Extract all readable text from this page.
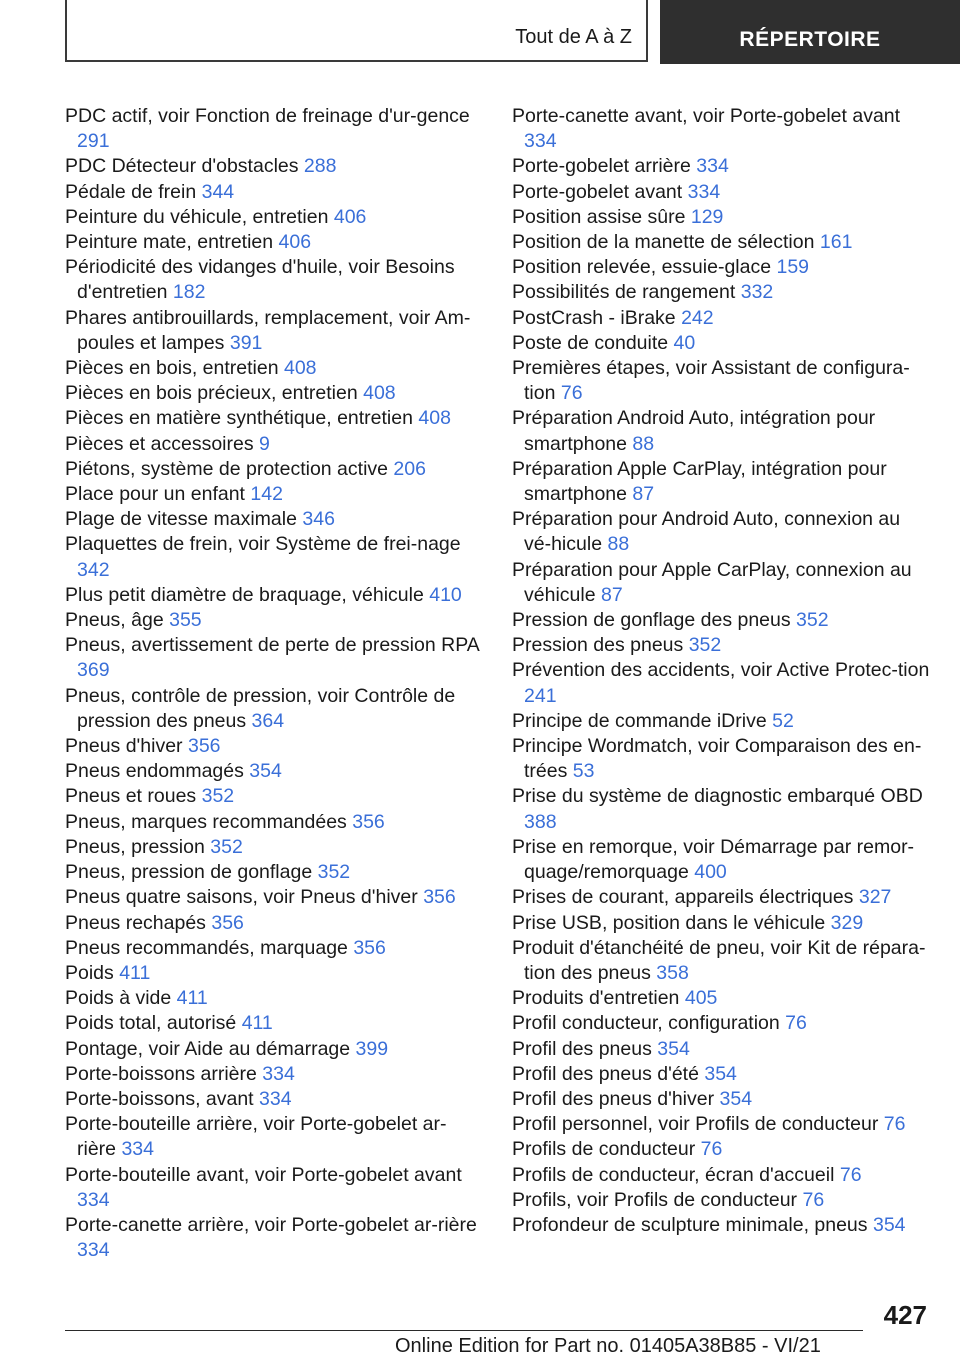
Tout de A à Z	RÉPERTOIRE
PDC actif, voir Fonction de freinage d'ur-gence 291
PDC Détecteur d'obstacles 288
Pédale de frein 344
Peinture du véhicule, entretien 406
Peinture mate, entretien 406
Périodicité des vidanges d'huile, voir Besoins d'entretien 182
Phares antibrouillards, remplacement, voir Am-poules et lampes 391
Pièces en bois, entretien 408
Pièces en bois précieux, entretien 408
Pièces en matière synthétique, entretien 408
Pièces et accessoires 9
Piétons, système de protection active 206
Place pour un enfant 142
Plage de vitesse maximale 346
Plaquettes de frein, voir Système de frei-nage 342
Plus petit diamètre de braquage, véhicule 410
Pneus, âge 355
Pneus, avertissement de perte de pression RPA 369
Pneus, contrôle de pression, voir Contrôle de pression des pneus 364
Pneus d'hiver 356
Pneus endommagés 354
Pneus et roues 352
Pneus, marques recommandées 356
Pneus, pression 352
Pneus, pression de gonflage 352
Pneus quatre saisons, voir Pneus d'hiver 356
Pneus rechapés 356
Pneus recommandés, marquage 356
Poids 411
Poids à vide 411
Poids total, autorisé 411
Pontage, voir Aide au démarrage 399
Porte-boissons arrière 334
Porte-boissons, avant 334
Porte-bouteille arrière, voir Porte-gobelet ar-rière 334
Porte-bouteille avant, voir Porte-gobelet avant 334
Porte-canette arrière, voir Porte-gobelet ar-rière 334
Porte-canette avant, voir Porte-gobelet avant 334
Porte-gobelet arrière 334
Porte-gobelet avant 334
Position assise sûre 129
Position de la manette de sélection 161
Position relevée, essuie-glace 159
Possibilités de rangement 332
PostCrash - iBrake 242
Poste de conduite 40
Premières étapes, voir Assistant de configura-tion 76
Préparation Android Auto, intégration pour smartphone 88
Préparation Apple CarPlay, intégration pour smartphone 87
Préparation pour Android Auto, connexion au vé-hicule 88
Préparation pour Apple CarPlay, connexion au véhicule 87
Pression de gonflage des pneus 352
Pression des pneus 352
Prévention des accidents, voir Active Protec-tion 241
Principe de commande iDrive 52
Principe Wordmatch, voir Comparaison des en-trées 53
Prise du système de diagnostic embarqué OBD 388
Prise en remorque, voir Démarrage par remor-quage/remorquage 400
Prises de courant, appareils électriques 327
Prise USB, position dans le véhicule 329
Produit d'étanchéité de pneu, voir Kit de répara-tion des pneus 358
Produits d'entretien 405
Profil conducteur, configuration 76
Profil des pneus 354
Profil des pneus d'été 354
Profil des pneus d'hiver 354
Profil personnel, voir Profils de conducteur 76
Profils de conducteur 76
Profils de conducteur, écran d'accueil 76
Profils, voir Profils de conducteur 76
Profondeur de sculpture minimale, pneus 354
427
Online Edition for Part no. 01405A38B85 - VI/21
